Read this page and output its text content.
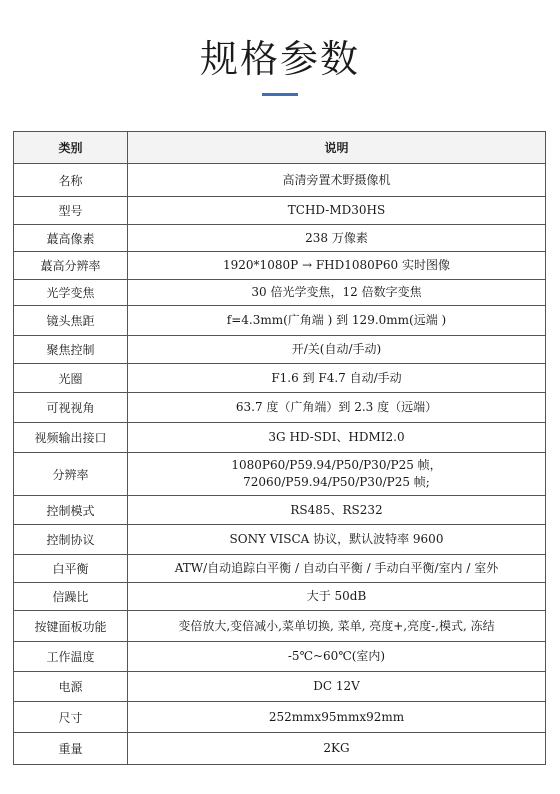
规格参数
类别	说明
名称	高清旁置术野摄像机

型号	TCHD-MD30HS

蕞高像素	238 万像素

蕞高分辨率	1920*1080P → FHD1080P60 实时图像

光学变焦	30 倍光学变焦，12 倍数字变焦

镜头焦距	f=4.3mm(广角端 ) 到 129.0mm(远端 )

聚焦控制	开/关(自动/手动)

光圈	F1.6 到 F4.7 自动/手动

可视视角	63.7 度（广角端）到 2.3 度（远端）

视频输出接口	3G HD-SDI、HDMI2.0

分辨率	1080P60/P59.94/P50/P30/P25 帧，
72060/P59.94/P50/P30/P25 帧;

控制模式	RS485、RS232

控制协议	SONY VISCA 协议，默认波特率 9600

白平衡	ATW/自动追踪白平衡 / 自动白平衡 / 手动白平衡/室内 / 室外

信躁比	大于 50dB

按键面板功能	变倍放大,变倍减小,菜单切换, 菜单, 亮度+,亮度-,模式, 冻结

工作温度	-5℃~60℃(室内)

电源	DC 12V

尺寸	252mmx95mmx92mm

重量	2KG
